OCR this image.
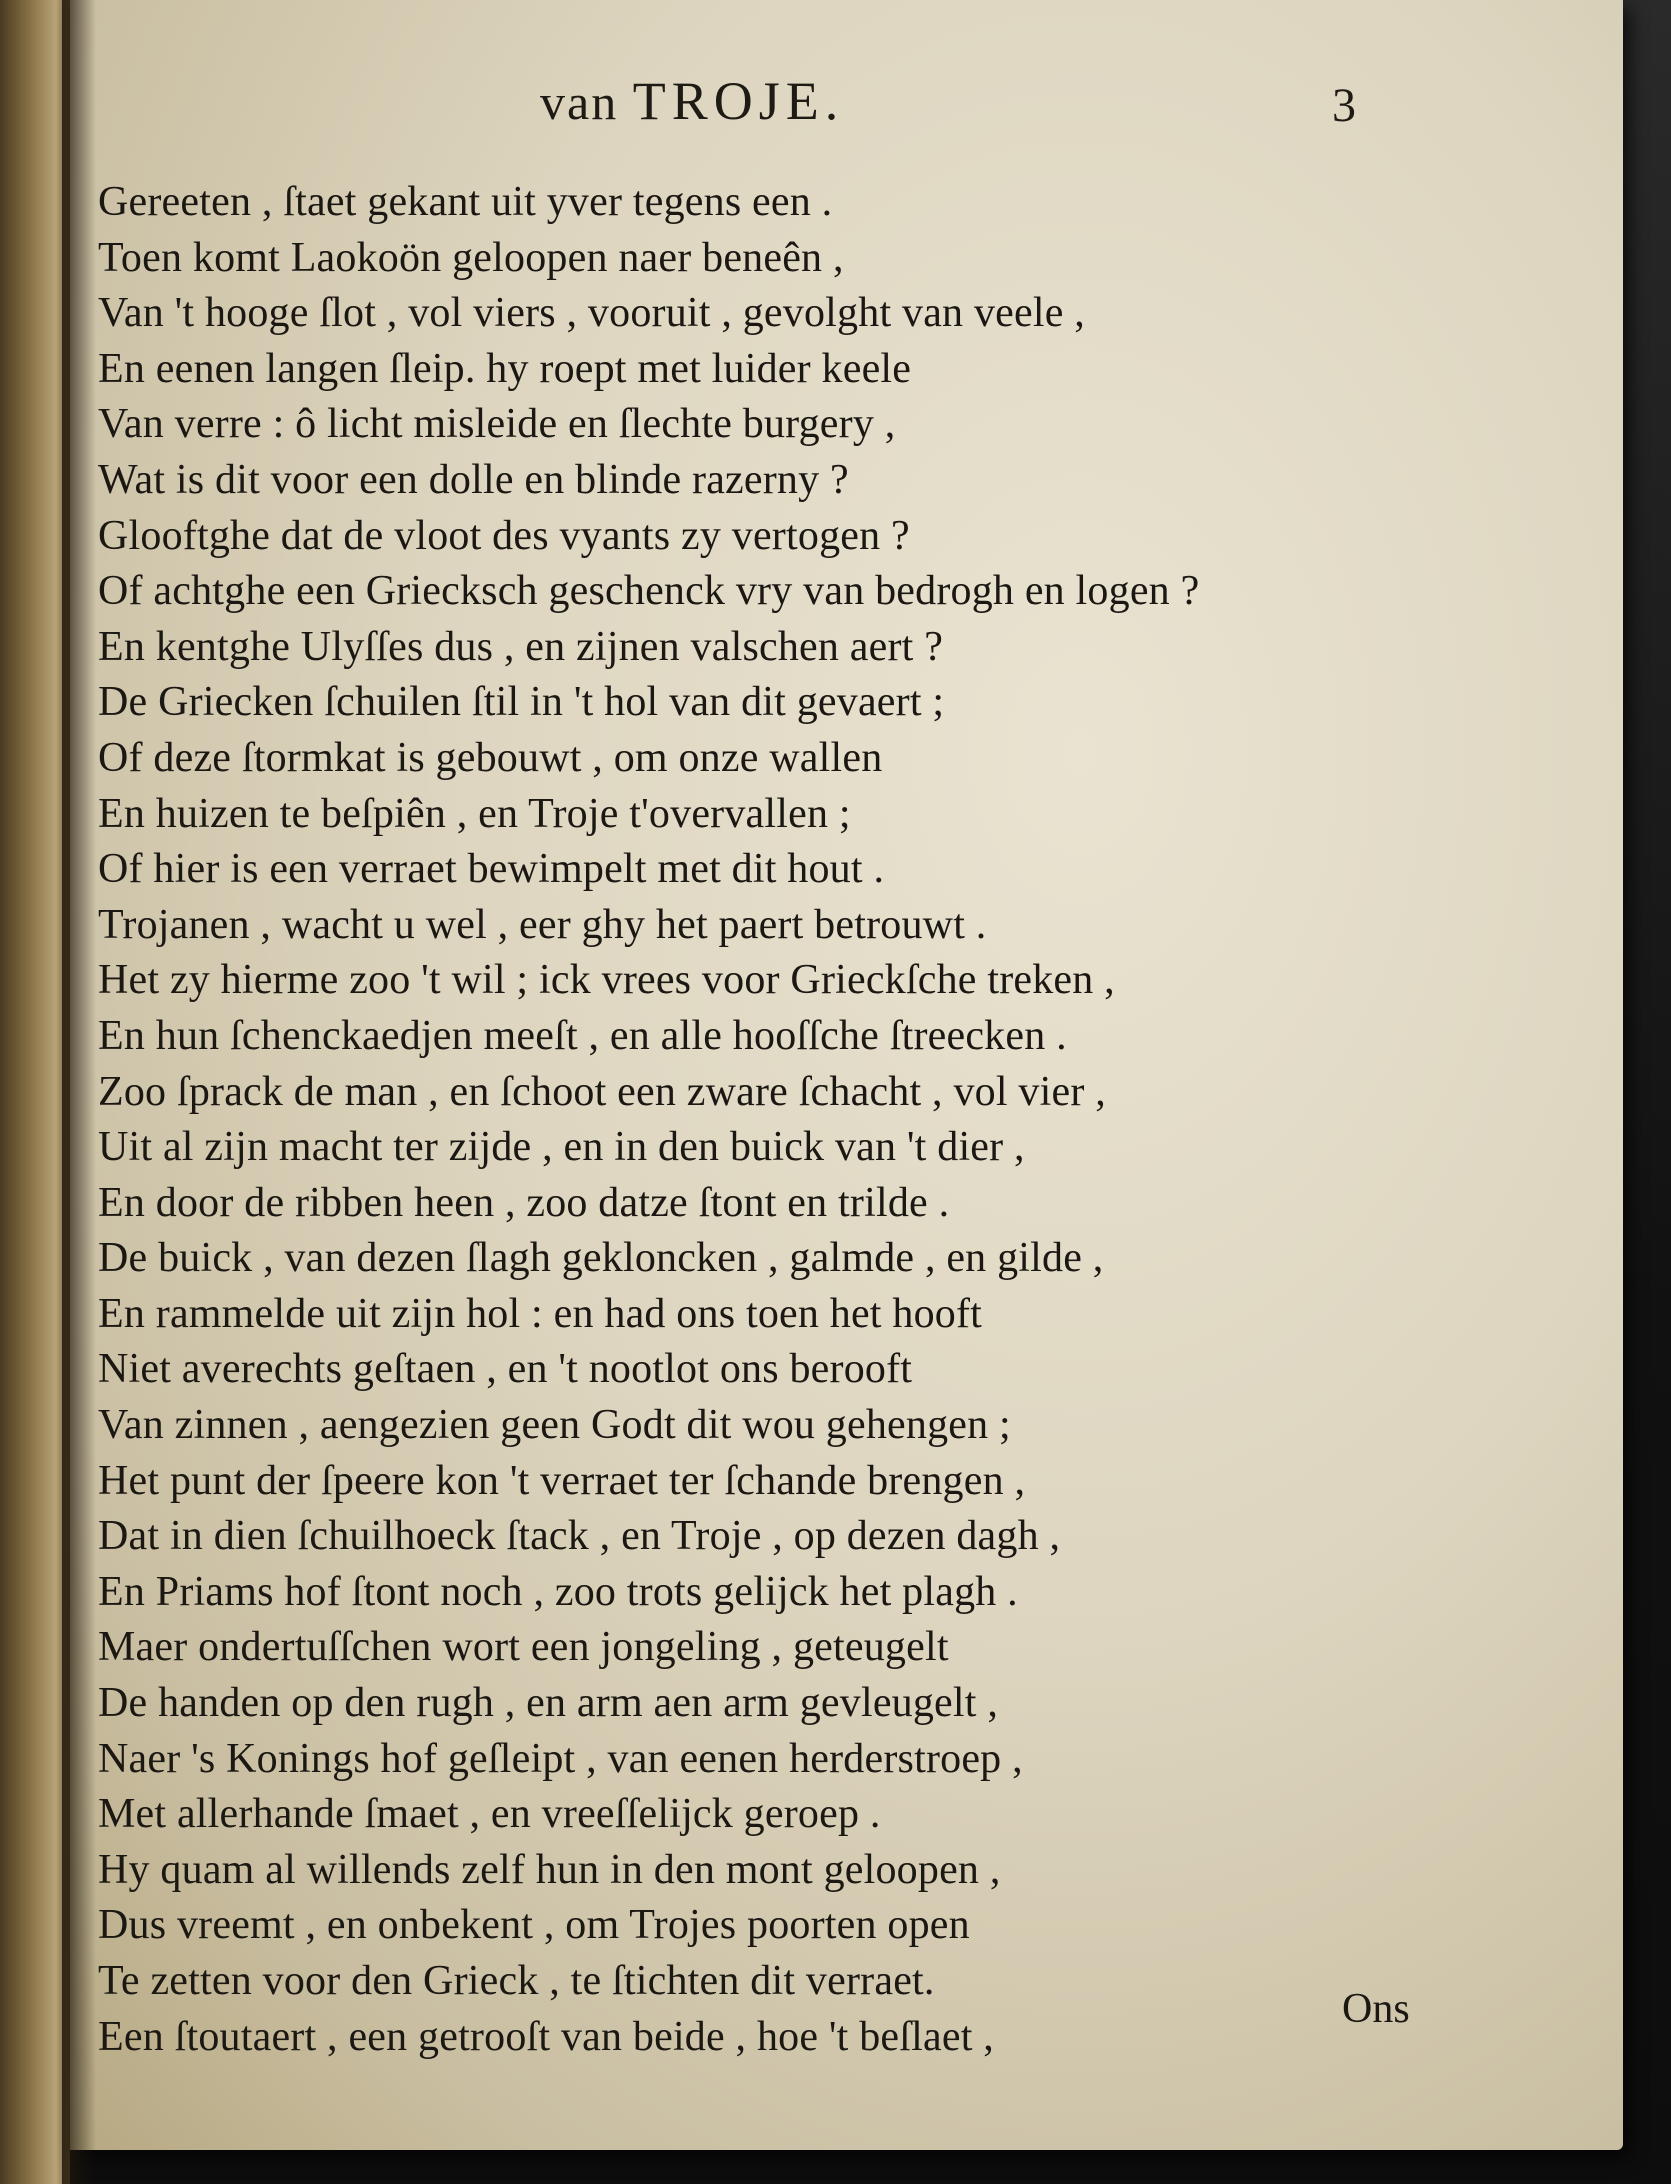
van TROJE.	3
Gereeten , ſtaet gekant uit yver tegens een .
Toen komt Laokoön geloopen naer beneên ,
Van 't hooge ſlot , vol viers , vooruit , gevolght van veele ,
En eenen langen ſleip. hy roept met luider keele
Van verre : ô licht misleide en ſlechte burgery ,
Wat is dit voor een dolle en blinde razerny ?
Glooftghe dat de vloot des vyants zy vertogen ?
Of achtghe een Griecksch geschenck vry van bedrogh en logen ?
En kentghe Ulyſſes dus , en zijnen valschen aert ?
De Griecken ſchuilen ſtil in 't hol van dit gevaert ;
Of deze ſtormkat is gebouwt , om onze wallen
En huizen te beſpiên , en Troje t'overvallen ;
Of hier is een verraet bewimpelt met dit hout .
Trojanen , wacht u wel , eer ghy het paert betrouwt .
Het zy hierme zoo 't wil ; ick vrees voor Grieckſche treken ,
En hun ſchenckaedjen meeſt , en alle hooſſche ſtreecken .
Zoo ſprack de man , en ſchoot een zware ſchacht , vol vier ,
Uit al zijn macht ter zijde , en in den buick van 't dier ,
En door de ribben heen , zoo datze ſtont en trilde .
De buick , van dezen ſlagh gekloncken , galmde , en gilde ,
En rammelde uit zijn hol : en had ons toen het hooft
Niet averechts geſtaen , en 't nootlot ons berooft
Van zinnen , aengezien geen Godt dit wou gehengen ;
Het punt der ſpeere kon 't verraet ter ſchande brengen ,
Dat in dien ſchuilhoeck ſtack , en Troje , op dezen dagh ,
En Priams hof ſtont noch , zoo trots gelijck het plagh .
Maer ondertuſſchen wort een jongeling , geteugelt
De handen op den rugh , en arm aen arm gevleugelt ,
Naer 's Konings hof geſleipt , van eenen herderstroep ,
Met allerhande ſmaet , en vreeſſelijck geroep .
Hy quam al willends zelf hun in den mont geloopen ,
Dus vreemt , en onbekent , om Trojes poorten open
Te zetten voor den Grieck , te ſtichten dit verraet.
Een ſtoutaert , een getrooſt van beide , hoe 't beſlaet ,
Ons
